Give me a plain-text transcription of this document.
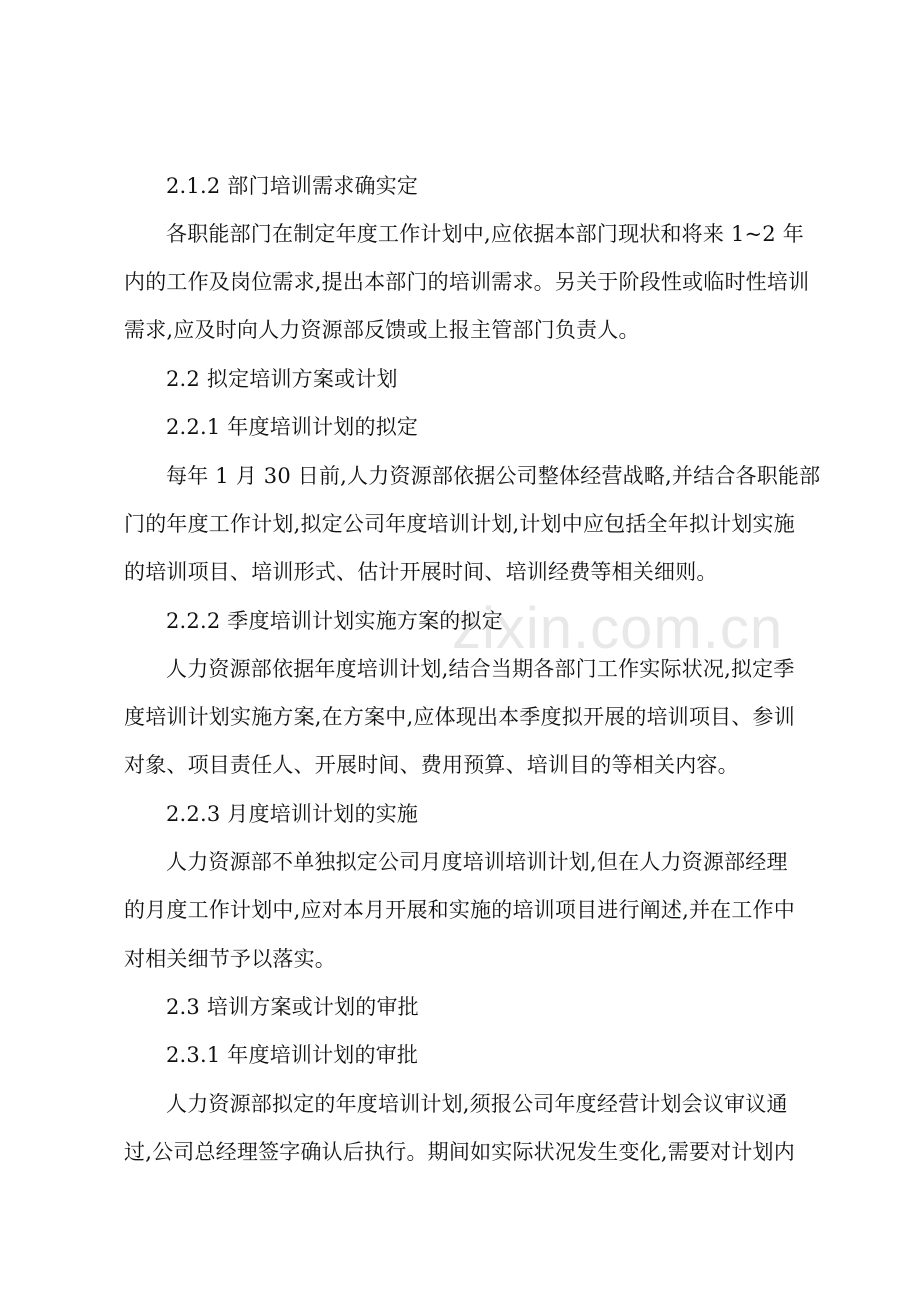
zixin.com.cn
2.1.2 部门培训需求确实定
各职能部门在制定年度工作计划中,应依据本部门现状和将来 1~2 年
内的工作及岗位需求,提出本部门的培训需求。另关于阶段性或临时性培训
需求,应及时向人力资源部反馈或上报主管部门负责人。
2.2 拟定培训方案或计划
2.2.1 年度培训计划的拟定
每年 1 月 30 日前,人力资源部依据公司整体经营战略,并结合各职能部
门的年度工作计划,拟定公司年度培训计划,计划中应包括全年拟计划实施
的培训项目、培训形式、估计开展时间、培训经费等相关细则。
2.2.2 季度培训计划实施方案的拟定
人力资源部依据年度培训计划,结合当期各部门工作实际状况,拟定季
度培训计划实施方案,在方案中,应体现出本季度拟开展的培训项目、参训
对象、项目责任人、开展时间、费用预算、培训目的等相关内容。
2.2.3 月度培训计划的实施
人力资源部不单独拟定公司月度培训培训计划,但在人力资源部经理
的月度工作计划中,应对本月开展和实施的培训项目进行阐述,并在工作中
对相关细节予以落实。
2.3 培训方案或计划的审批
2.3.1 年度培训计划的审批
人力资源部拟定的年度培训计划,须报公司年度经营计划会议审议通
过,公司总经理签字确认后执行。期间如实际状况发生变化,需要对计划内
